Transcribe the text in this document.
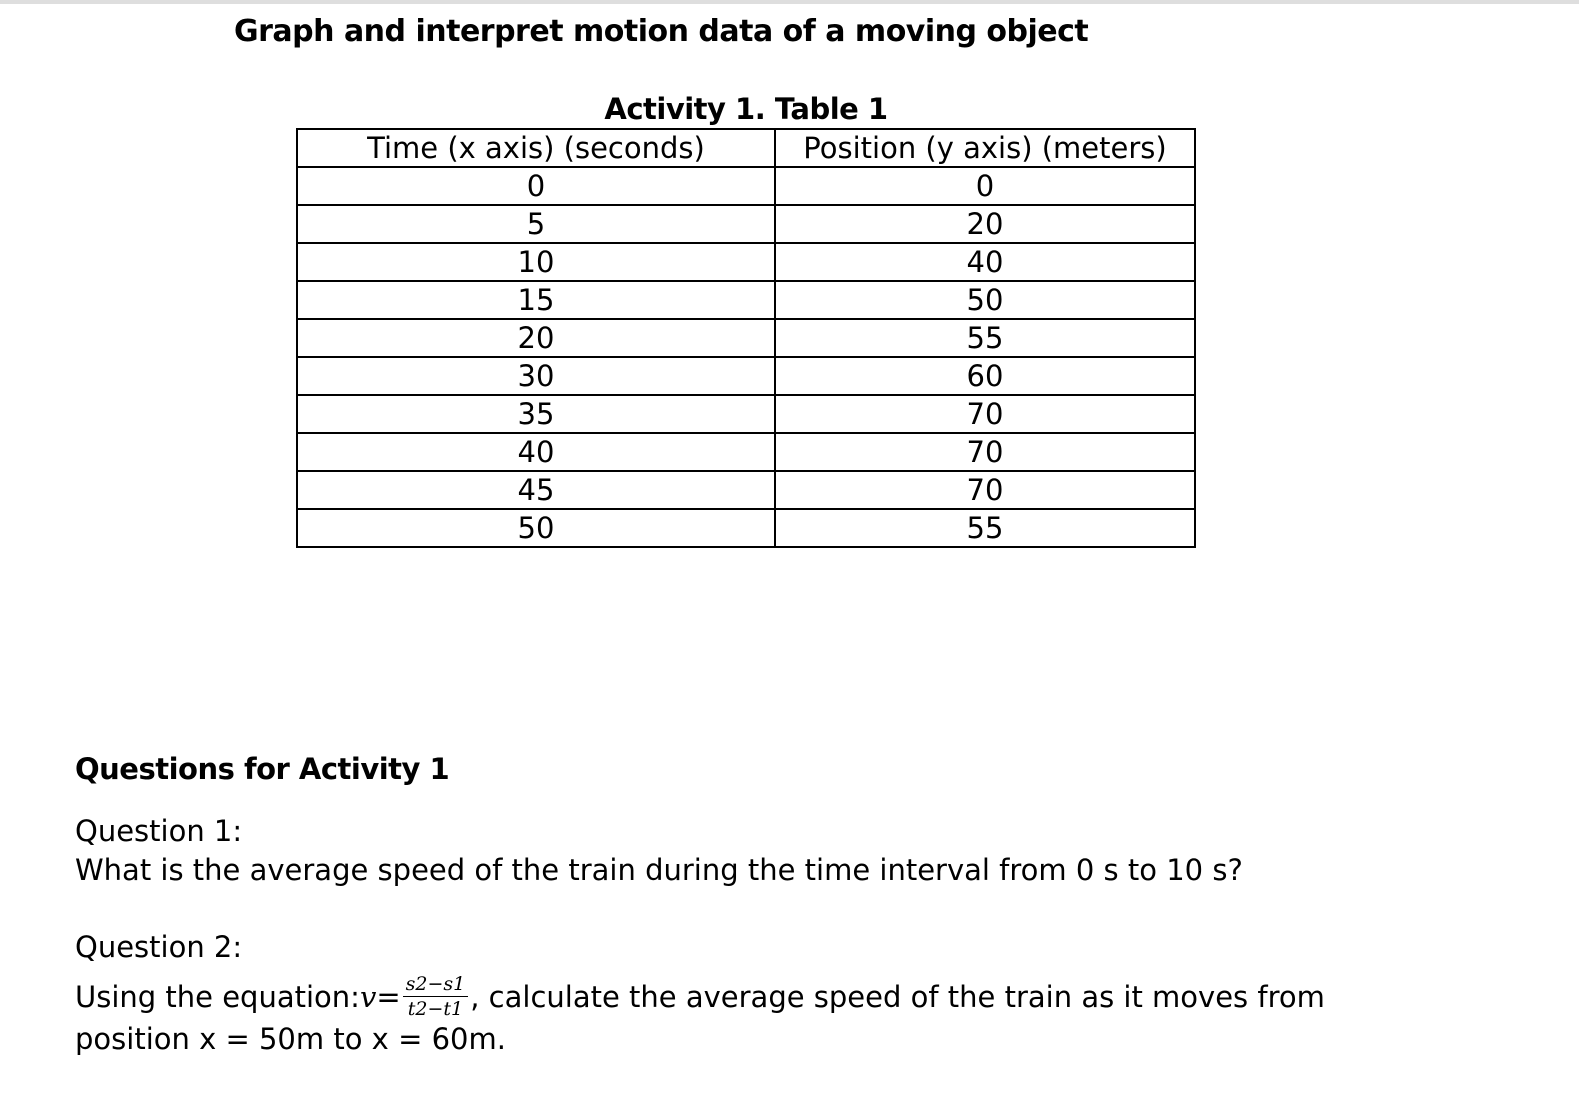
Graph and interpret motion data of a moving object
Activity 1. Table 1
Time (x axis) (seconds)	Position (y axis) (meters)
0	0
5	20
10	40
15	50
20	55
30	60
35	70
40	70
45	70
50	55
Questions for Activity 1
Question 1:
What is the average speed of the train during the time interval from 0 s to 10 s?
Question 2:
Using the equation:v= $\frac{s2-s1}{t2-t1}$ , calculate the average speed of the train as it moves from
position x = 50m to x = 60m.
